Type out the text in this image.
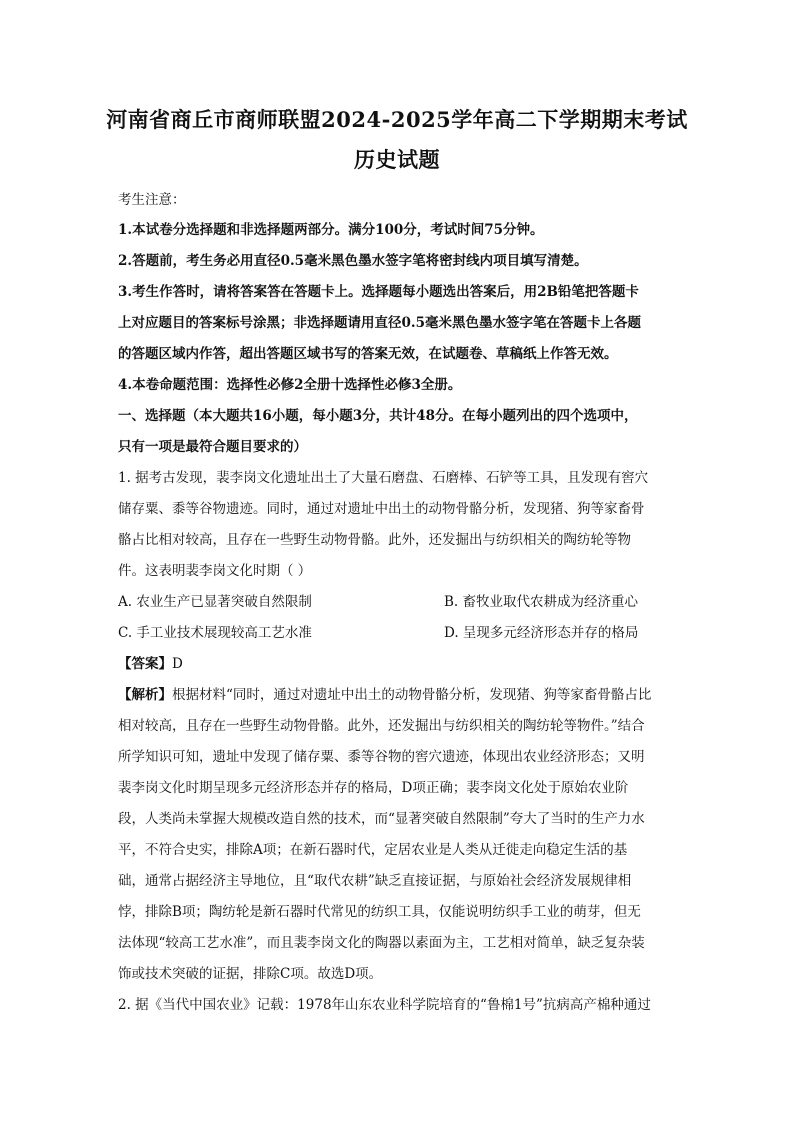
河南省商丘市商师联盟2024-2025学年高二下学期期末考试
历史试题
考生注意：
1.本试卷分选择题和非选择题两部分。满分100分，考试时间75分钟。
2.答题前，考生务必用直径0.5毫米黑色墨水签字笔将密封线内项目填写清楚。
3.考生作答时，请将答案答在答题卡上。选择题每小题选出答案后，用2B铅笔把答题卡
上对应题目的答案标号涂黑；非选择题请用直径0.5毫米黑色墨水签字笔在答题卡上各题
的答题区域内作答，超出答题区域书写的答案无效，在试题卷、草稿纸上作答无效。
4.本卷命题范围：选择性必修2全册十选择性必修3全册。
一、选择题（本大题共16小题，每小题3分，共计48分。在每小题列出的四个选项中，
只有一项是最符合题目要求的）
1. 据考古发现，裴李岗文化遗址出土了大量石磨盘、石磨棒、石铲等工具，且发现有窖穴
储存粟、黍等谷物遗迹。同时，通过对遗址中出土的动物骨骼分析，发现猪、狗等家畜骨
骼占比相对较高，且存在一些野生动物骨骼。此外，还发掘出与纺织相关的陶纺轮等物
件。这表明裴李岗文化时期（ ）
A. 农业生产已显著突破自然限制	B. 畜牧业取代农耕成为经济重心
C. 手工业技术展现较高工艺水准	D. 呈现多元经济形态并存的格局
【答案】D
【解析】根据材料“同时，通过对遗址中出土的动物骨骼分析，发现猪、狗等家畜骨骼占比
相对较高，且存在一些野生动物骨骼。此外，还发掘出与纺织相关的陶纺轮等物件。”结合
所学知识可知，遗址中发现了储存粟、黍等谷物的窖穴遗迹，体现出农业经济形态；又明
裴李岗文化时期呈现多元经济形态并存的格局，D项正确；裴李岗文化处于原始农业阶
段，人类尚未掌握大规模改造自然的技术，而“显著突破自然限制”夸大了当时的生产力水
平，不符合史实，排除A项；在新石器时代，定居农业是人类从迁徙走向稳定生活的基
础，通常占据经济主导地位，且“取代农耕”缺乏直接证据，与原始社会经济发展规律相
悖，排除B项；陶纺轮是新石器时代常见的纺织工具，仅能说明纺织手工业的萌芽，但无
法体现“较高工艺水准”，而且裴李岗文化的陶器以素面为主，工艺相对简单，缺乏复杂装
饰或技术突破的证据，排除C项。故选D项。
2. 据《当代中国农业》记载：1978年山东农业科学院培育的“鲁棉1号”抗病高产棉种通过
